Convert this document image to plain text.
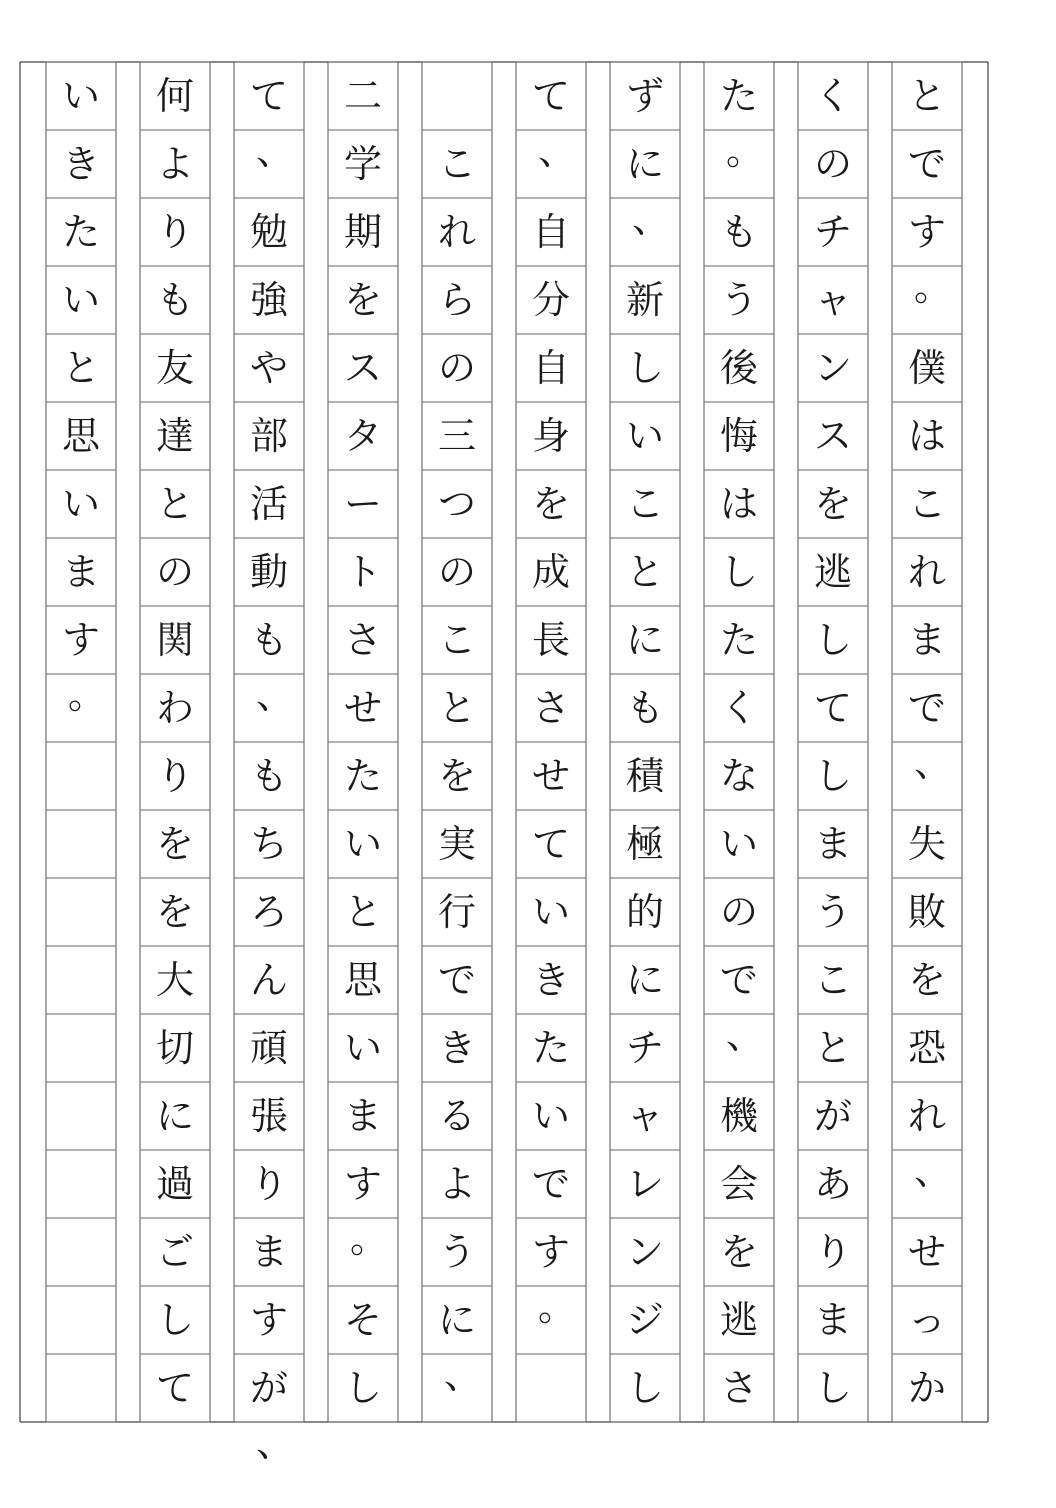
と
で
す
。
僕
は
こ
れ
ま
で
、
失
敗
を
恐
れ
、
せ
っ
か
く
の
チ
ャ
ン
ス
を
逃
し
て
し
ま
う
こ
と
が
あ
り
ま
し
た
。
も
う
後
悔
は
し
た
く
な
い
の
で
、
機
会
を
逃
さ
ず
に
、
新
し
い
こ
と
に
も
積
極
的
に
チ
ャ
レ
ン
ジ
し
て
、
自
分
自
身
を
成
長
さ
せ
て
い
き
た
い
で
す
。

こ
れ
ら
の
三
つ
の
こ
と
を
実
行
で
き
る
よ
う
に
、
二
学
期
を
ス
タ
ー
ト
さ
せ
た
い
と
思
い
ま
す
。
そ
し
て
、
勉
強
や
部
活
動
も
、
も
ち
ろ
ん
頑
張
り
ま
す
が
、
何
よ
り
も
友
達
と
の
関
わ
り
を
を
大
切
に
過
ご
し
て
い
き
た
い
と
思
い
ま
す
。
